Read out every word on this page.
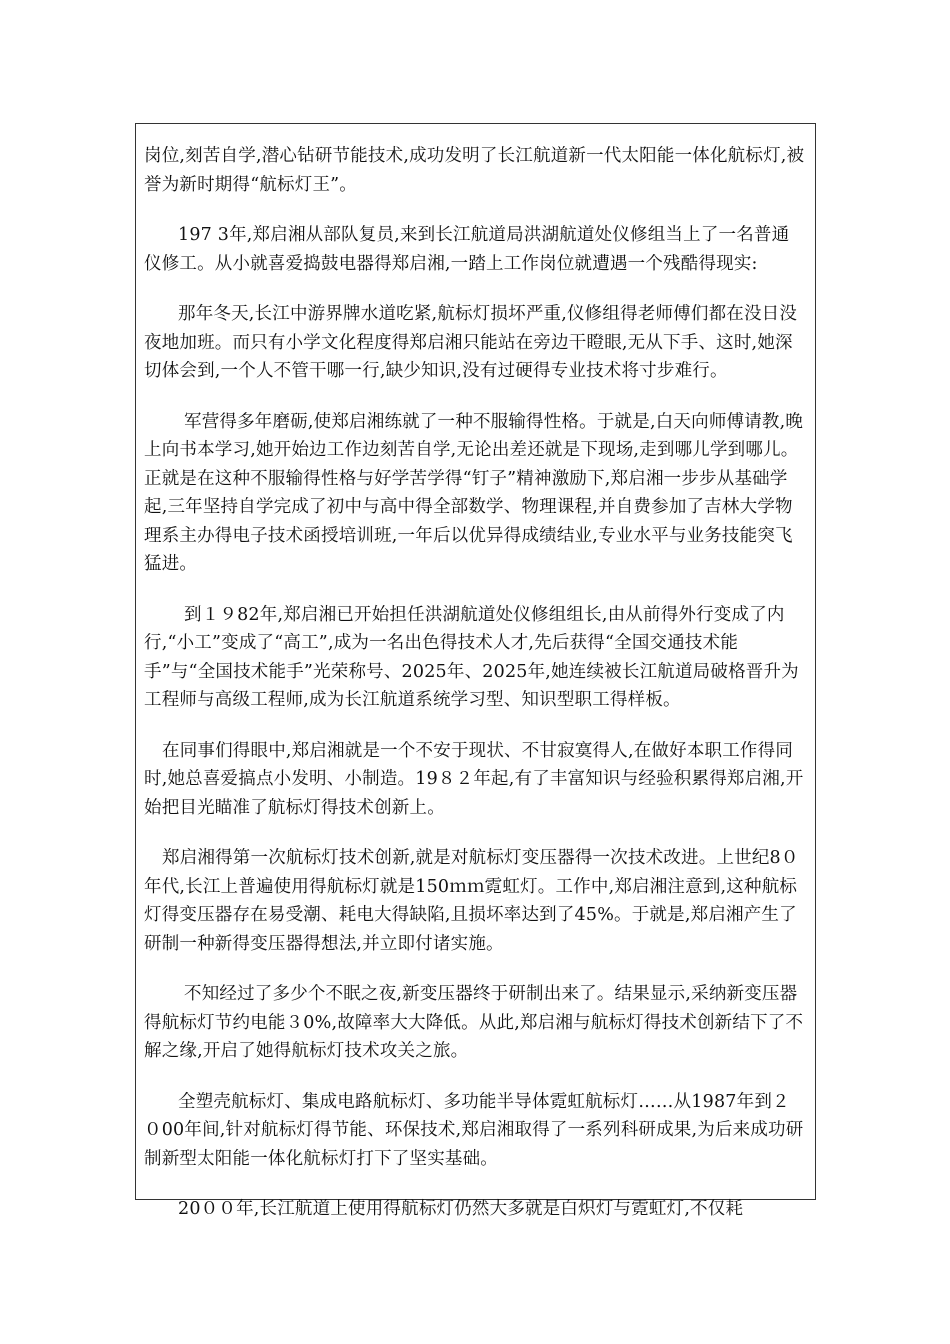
岗位,刻苦自学,潜心钻研节能技术,成功发明了长江航道新一代太阳能一体化航标灯,被誉为新时期得“航标灯王”。

197 3年,郑启湘从部队复员,来到长江航道局洪湖航道处仪修组当上了一名普通仪修工。从小就喜爱捣鼓电器得郑启湘,一踏上工作岗位就遭遇一个残酷得现实:

那年冬天,长江中游界牌水道吃紧,航标灯损坏严重,仪修组得老师傅们都在没日没夜地加班。而只有小学文化程度得郑启湘只能站在旁边干瞪眼,无从下手、这时,她深切体会到,一个人不管干哪一行,缺少知识,没有过硬得专业技术将寸步难行。

军营得多年磨砺,使郑启湘练就了一种不服输得性格。于就是,白天向师傅请教,晚上向书本学习,她开始边工作边刻苦自学,无论出差还就是下现场,走到哪儿学到哪儿。正就是在这种不服输得性格与好学苦学得“钉子”精神激励下,郑启湘一步步从基础学起,三年坚持自学完成了初中与高中得全部数学、物理课程,并自费参加了吉林大学物理系主办得电子技术函授培训班,一年后以优异得成绩结业,专业水平与业务技能突飞猛进。

到１９82年,郑启湘已开始担任洪湖航道处仪修组组长,由从前得外行变成了内行,“小工”变成了“高工”,成为一名出色得技术人才,先后获得“全国交通技术能手”与“全国技术能手”光荣称号、2025年、2025年,她连续被长江航道局破格晋升为工程师与高级工程师,成为长江航道系统学习型、知识型职工得样板。

在同事们得眼中,郑启湘就是一个不安于现状、不甘寂寞得人,在做好本职工作得同时,她总喜爱搞点小发明、小制造。19８２年起,有了丰富知识与经验积累得郑启湘,开始把目光瞄准了航标灯得技术创新上。

郑启湘得第一次航标灯技术创新,就是对航标灯变压器得一次技术改进。上世纪8０年代,长江上普遍使用得航标灯就是150ｍｍ霓虹灯。工作中,郑启湘注意到,这种航标灯得变压器存在易受潮、耗电大得缺陷,且损坏率达到了45%。于就是,郑启湘产生了研制一种新得变压器得想法,并立即付诸实施。

不知经过了多少个不眠之夜,新变压器终于研制出来了。结果显示,采纳新变压器得航标灯节约电能３0%,故障率大大降低。从此,郑启湘与航标灯得技术创新结下了不解之缘,开启了她得航标灯技术攻关之旅。

全塑壳航标灯、集成电路航标灯、多功能半导体霓虹航标灯……从1987年到２０00年间,针对航标灯得节能、环保技术,郑启湘取得了一系列科研成果,为后来成功研制新型太阳能一体化航标灯打下了坚实基础。

20００年,长江航道上使用得航标灯仍然大多就是白炽灯与霓虹灯,不仅耗
